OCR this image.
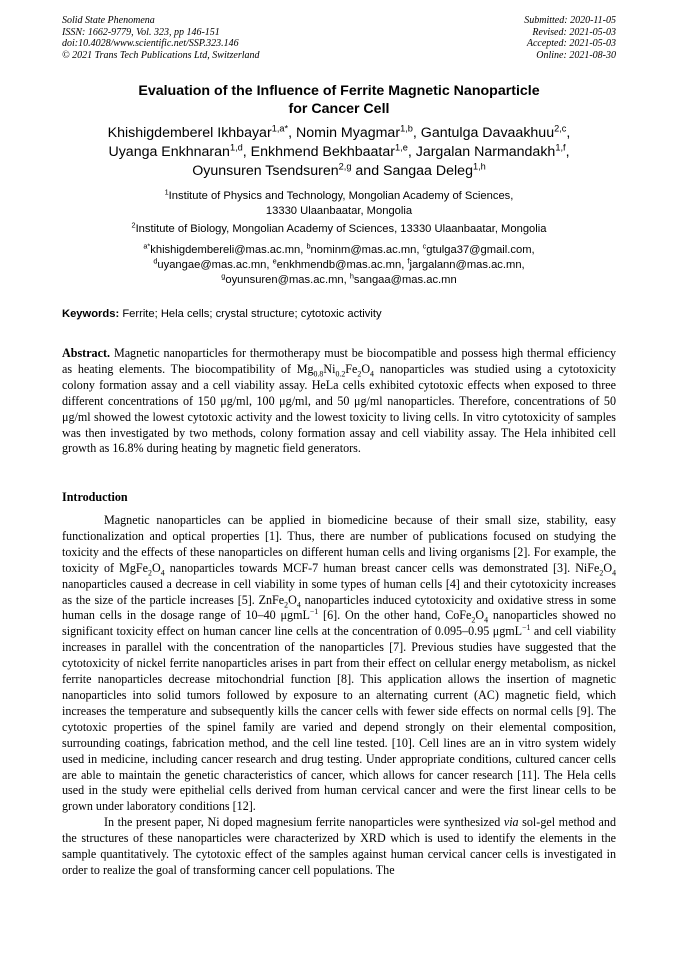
Solid State Phenomena
ISSN: 1662-9779, Vol. 323, pp 146-151
doi:10.4028/www.scientific.net/SSP.323.146
© 2021 Trans Tech Publications Ltd, Switzerland
Submitted: 2020-11-05
Revised: 2021-05-03
Accepted: 2021-05-03
Online: 2021-08-30
Evaluation of the Influence of Ferrite Magnetic Nanoparticle
for Cancer Cell
Khishigdemberel Ikhbayar$^{1,a*}$, Nomin Myagmar$^{1,b}$, Gantulga Davaakhuu$^{2,c}$,
Uyanga Enkhnaran$^{1,d}$, Enkhmend Bekhbaatar$^{1,e}$, Jargalan Narmandakh$^{1,f}$,
Oyunsuren Tsendsuren$^{2,g}$ and Sangaa Deleg$^{1,h}$
$^1$Institute of Physics and Technology, Mongolian Academy of Sciences,
13330 Ulaanbaatar, Mongolia
$^2$Institute of Biology, Mongolian Academy of Sciences, 13330 Ulaanbaatar, Mongolia
$^{a*}$khishigdembereli@mas.ac.mn, $^b$nominm@mas.ac.mn, $^c$gtulga37@gmail.com,
$^d$uyangae@mas.ac.mn, $^e$enkhmendb@mas.ac.mn, $^f$jargalann@mas.ac.mn,
$^g$oyunsuren@mas.ac.mn, $^h$sangaa@mas.ac.mn
Keywords: Ferrite; Hela cells; crystal structure; cytotoxic activity
Abstract. Magnetic nanoparticles for thermotherapy must be biocompatible and possess high thermal efficiency as heating elements. The biocompatibility of $Mg_{0.8}Ni_{0.2}Fe_2O_4$ nanoparticles was studied using a cytotoxicity colony formation assay and a cell viability assay. HeLa cells exhibited cytotoxic effects when exposed to three different concentrations of 150 μg/ml, 100 μg/ml, and 50 μg/ml nanoparticles. Therefore, concentrations of 50 μg/ml showed the lowest cytotoxic activity and the lowest toxicity to living cells. In vitro cytotoxicity of samples was then investigated by two methods, colony formation assay and cell viability assay. The Hela inhibited cell growth as 16.8% during heating by magnetic field generators.
Introduction

Magnetic nanoparticles can be applied in biomedicine because of their small size, stability, easy functionalization and optical properties [1]. Thus, there are number of publications focused on studying the toxicity and the effects of these nanoparticles on different human cells and living organisms [2]. For example, the toxicity of $MgFe_2O_4$ nanoparticles towards MCF-7 human breast cancer cells was demonstrated [3]. $NiFe_2O_4$ nanoparticles caused a decrease in cell viability in some types of human cells [4] and their cytotoxicity increases as the size of the particle increases [5]. $ZnFe_2O_4$ nanoparticles induced cytotoxicity and oxidative stress in some human cells in the dosage range of 10–40 μgmL$^{-1}$ [6]. On the other hand, $CoFe_2O_4$ nanoparticles showed no significant toxicity effect on human cancer line cells at the concentration of 0.095–0.95 μgmL$^{-1}$ and cell viability increases in parallel with the concentration of the nanoparticles [7]. Previous studies have suggested that the cytotoxicity of nickel ferrite nanoparticles arises in part from their effect on cellular energy metabolism, as nickel ferrite nanoparticles decrease mitochondrial function [8]. This application allows the insertion of magnetic nanoparticles into solid tumors followed by exposure to an alternating current (AC) magnetic field, which increases the temperature and subsequently kills the cancer cells with fewer side effects on normal cells [9]. The cytotoxic properties of the spinel family are varied and depend strongly on their elemental composition, surrounding coatings, fabrication method, and the cell line tested. [10]. Cell lines are an in vitro system widely used in medicine, including cancer research and drug testing. Under appropriate conditions, cultured cancer cells are able to maintain the genetic characteristics of cancer, which allows for cancer research [11]. The Hela cells used in the study were epithelial cells derived from human cervical cancer and were the first linear cells to be grown under laboratory conditions [12].

In the present paper, Ni doped magnesium ferrite nanoparticles were synthesized via sol-gel method and the structures of these nanoparticles were characterized by XRD which is used to identify the elements in the sample quantitatively. The cytotoxic effect of the samples against human cervical cancer cells is investigated in order to realize the goal of transforming cancer cell populations. The
